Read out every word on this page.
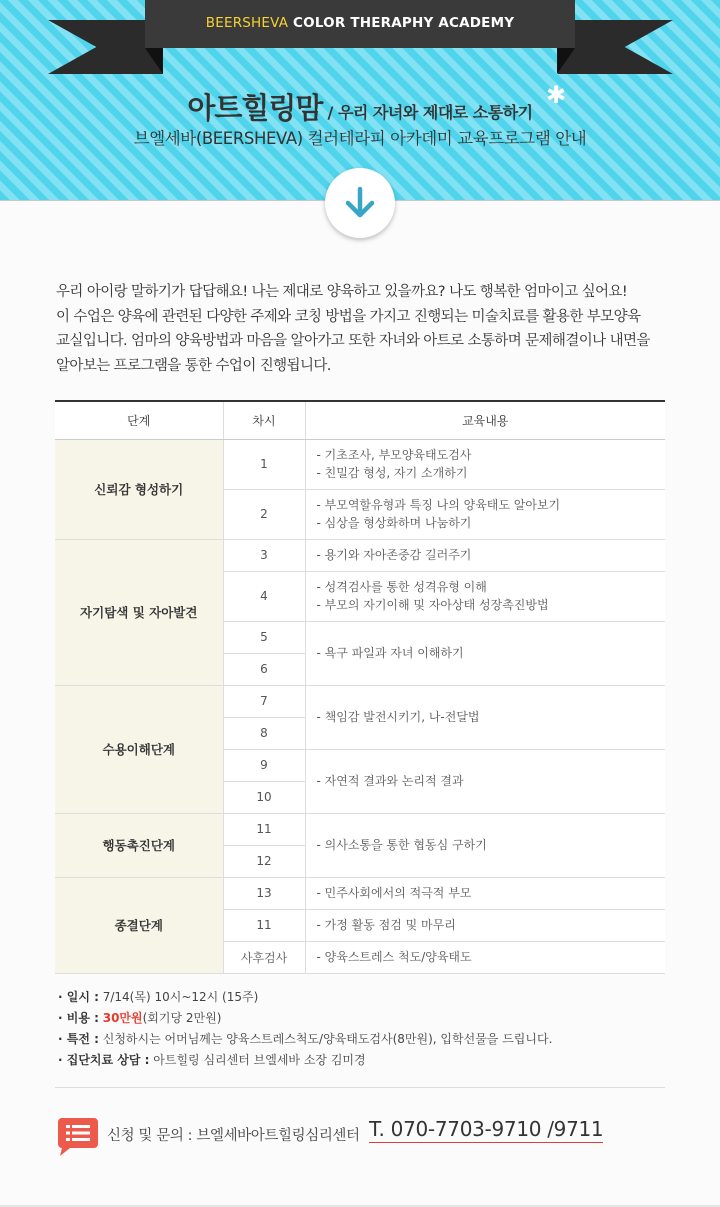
BEERSHEVA COLOR THERAPHY ACADEMY
아트힐링맘 / 우리 자녀와 제대로 소통하기
✱
브엘세바(BEERSHEVA) 컬러테라피 아카데미 교육프로그램 안내

우리 아이랑 말하기가 답답해요! 나는 제대로 양육하고 있을까요? 나도 행복한 엄마이고 싶어요!

이 수업은 양육에 관련된 다양한 주제와 코칭 방법을 가지고 진행되는 미술치료를 활용한 부모양육

교실입니다. 엄마의 양육방법과 마음을 알아가고 또한 자녀와 아트로 소통하며 문제해결이나 내면을

알아보는 프로그램을 통한 수업이 진행됩니다.

단계	차시	교육내용
신뢰감 형성하기	1	- 기초조사, 부모양육태도검사
- 친밀감 형성, 자기 소개하기

	2	- 부모역할유형과 특징 나의 양육태도 알아보기
- 심상을 형상화하며 나눔하기

자기탐색 및 자아발견	3	- 용기와 자아존중감 길러주기

	4	- 성격검사를 통한 성격유형 이해
- 부모의 자기이해 및 자아상태 성장촉진방법

	5	- 욕구 파일과 자녀 이해하기

	6	
수용이해단계	7	- 책임감 발전시키기, 나-전달법

	8	
	9	- 자연적 결과와 논리적 결과

	10	
행동촉진단계	11	- 의사소통을 통한 협동심 구하기

	12	
종결단계	13	- 민주사회에서의 적극적 부모

	11	- 가정 활동 점검 및 마무리

	사후검사	- 양육스트레스 척도/양육태도
· 일시 : 7/14(목) 10시~12시 (15주)
· 비용 : 30만원(회기당 2만원)
· 특전 : 신청하시는 어머님께는 양육스트레스척도/양육태도검사(8만원), 입학선물을 드립니다.
· 집단치료 상담 : 아트힐링 심리센터 브엘세바 소장 김미경
신청 및 문의 : 브엘세바아트힐링심리센터 T. 070-7703-9710 /9711
